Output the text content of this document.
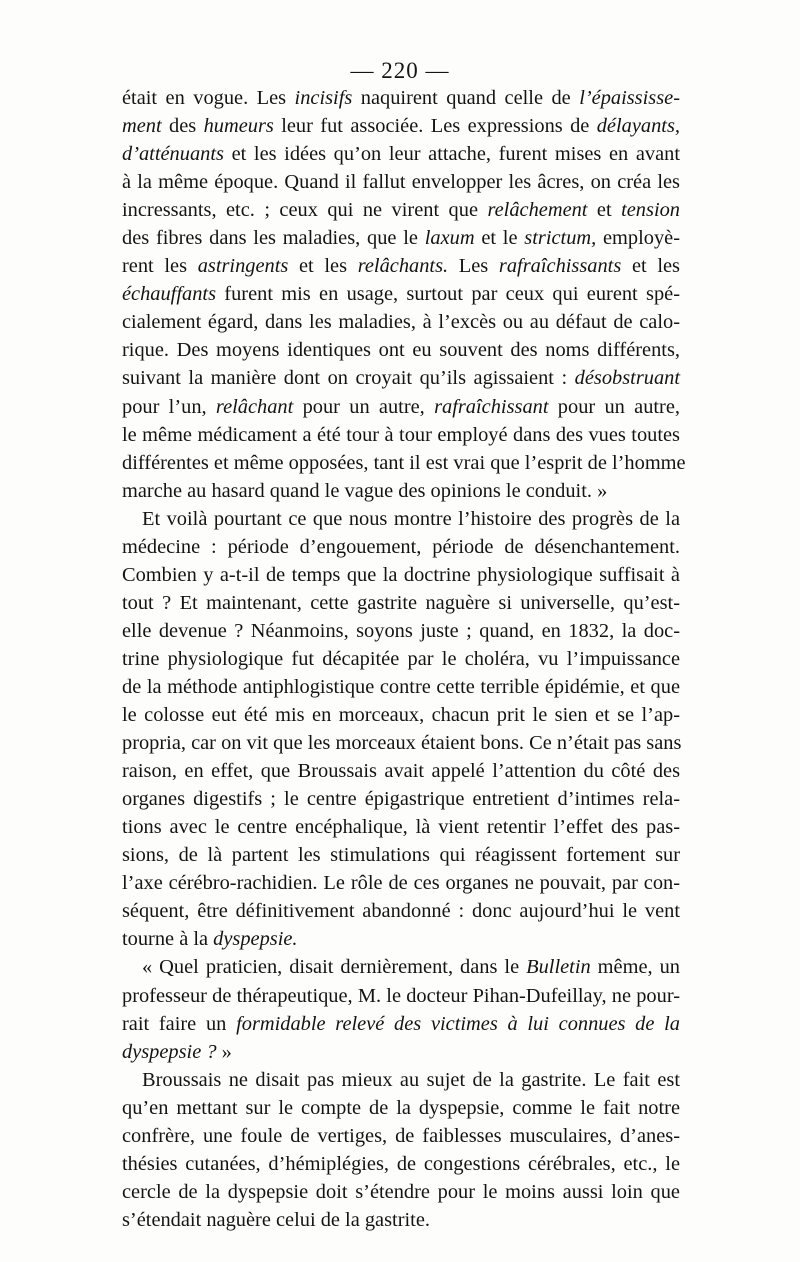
— 220 —
était en vogue. Les incisifs naquirent quand celle de l’épaississe-
ment des humeurs leur fut associée. Les expressions de délayants,
d’atténuants et les idées qu’on leur attache, furent mises en avant
à la même époque. Quand il fallut envelopper les âcres, on créa les
incressants, etc. ; ceux qui ne virent que relâchement et tension
des fibres dans les maladies, que le laxum et le strictum, employè-
rent les astringents et les relâchants. Les rafraîchissants et les
échauffants furent mis en usage, surtout par ceux qui eurent spé-
cialement égard, dans les maladies, à l’excès ou au défaut de calo-
rique. Des moyens identiques ont eu souvent des noms différents,
suivant la manière dont on croyait qu’ils agissaient : désobstruant
pour l’un, relâchant pour un autre, rafraîchissant pour un autre,
le même médicament a été tour à tour employé dans des vues toutes
différentes et même opposées, tant il est vrai que l’esprit de l’homme
marche au hasard quand le vague des opinions le conduit. »
Et voilà pourtant ce que nous montre l’histoire des progrès de la
médecine : période d’engouement, période de désenchantement.
Combien y a-t-il de temps que la doctrine physiologique suffisait à
tout ? Et maintenant, cette gastrite naguère si universelle, qu’est-
elle devenue ? Néanmoins, soyons juste ; quand, en 1832, la doc-
trine physiologique fut décapitée par le choléra, vu l’impuissance
de la méthode antiphlogistique contre cette terrible épidémie, et que
le colosse eut été mis en morceaux, chacun prit le sien et se l’ap-
propria, car on vit que les morceaux étaient bons. Ce n’était pas sans
raison, en effet, que Broussais avait appelé l’attention du côté des
organes digestifs ; le centre épigastrique entretient d’intimes rela-
tions avec le centre encéphalique, là vient retentir l’effet des pas-
sions, de là partent les stimulations qui réagissent fortement sur
l’axe cérébro-rachidien. Le rôle de ces organes ne pouvait, par con-
séquent, être définitivement abandonné : donc aujourd’hui le vent
tourne à la dyspepsie.
« Quel praticien, disait dernièrement, dans le Bulletin même, un
professeur de thérapeutique, M. le docteur Pihan-Dufeillay, ne pour-
rait faire un formidable relevé des victimes à lui connues de la
dyspepsie ? »
Broussais ne disait pas mieux au sujet de la gastrite. Le fait est
qu’en mettant sur le compte de la dyspepsie, comme le fait notre
confrère, une foule de vertiges, de faiblesses musculaires, d’anes-
thésies cutanées, d’hémiplégies, de congestions cérébrales, etc., le
cercle de la dyspepsie doit s’étendre pour le moins aussi loin que
s’étendait naguère celui de la gastrite.
